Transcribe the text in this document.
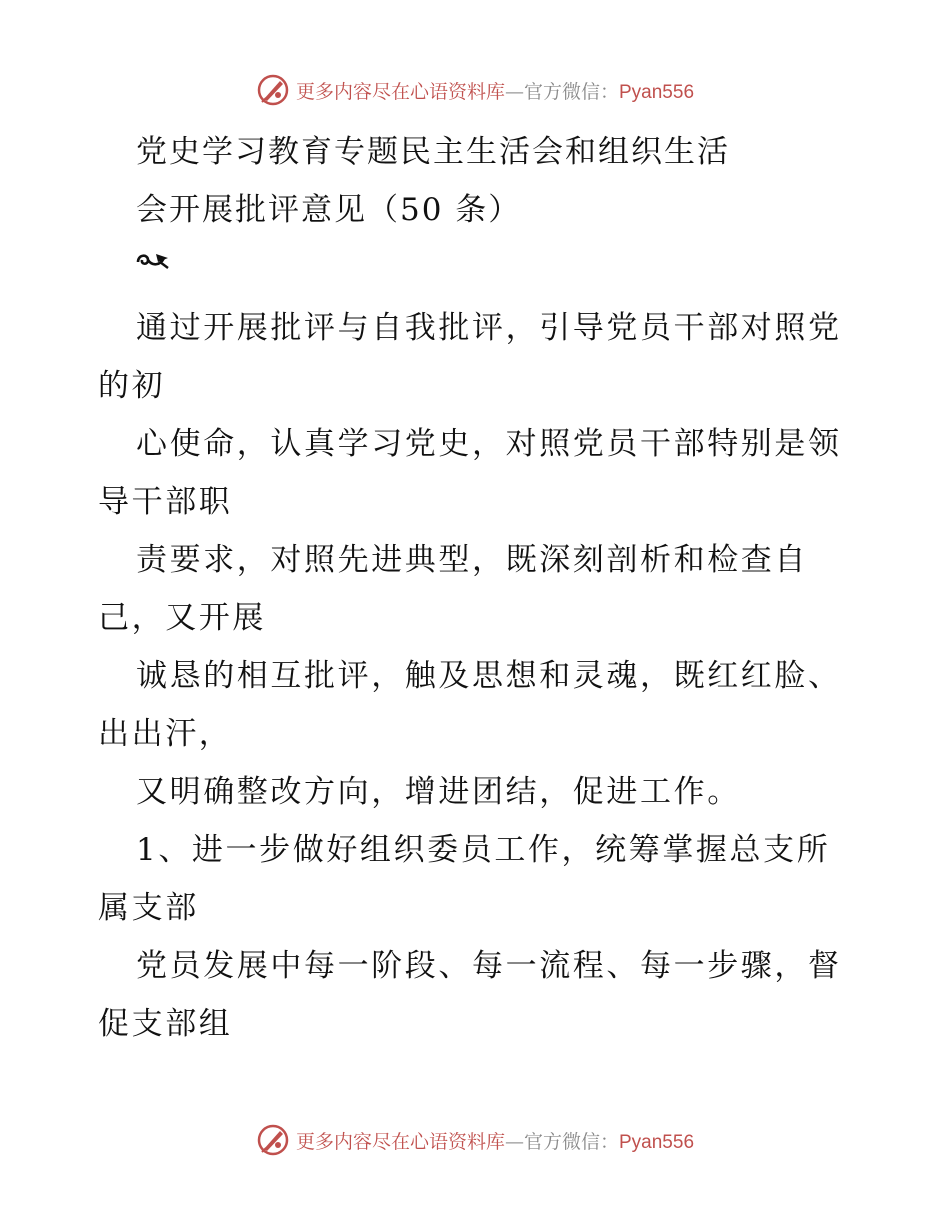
更多内容尽在心语资料库—官方微信：Pyan556
党史学习教育专题民主生活会和组织生活
会开展批评意见（50 条）
通过开展批评与自我批评，引导党员干部对照党
的初
心使命，认真学习党史，对照党员干部特别是领
导干部职
责要求，对照先进典型，既深刻剖析和检查自
己，又开展
诚恳的相互批评，触及思想和灵魂，既红红脸、
出出汗，
又明确整改方向，增进团结，促进工作。
1、进一步做好组织委员工作，统筹掌握总支所
属支部
党员发展中每一阶段、每一流程、每一步骤，督
促支部组
更多内容尽在心语资料库—官方微信：Pyan556
